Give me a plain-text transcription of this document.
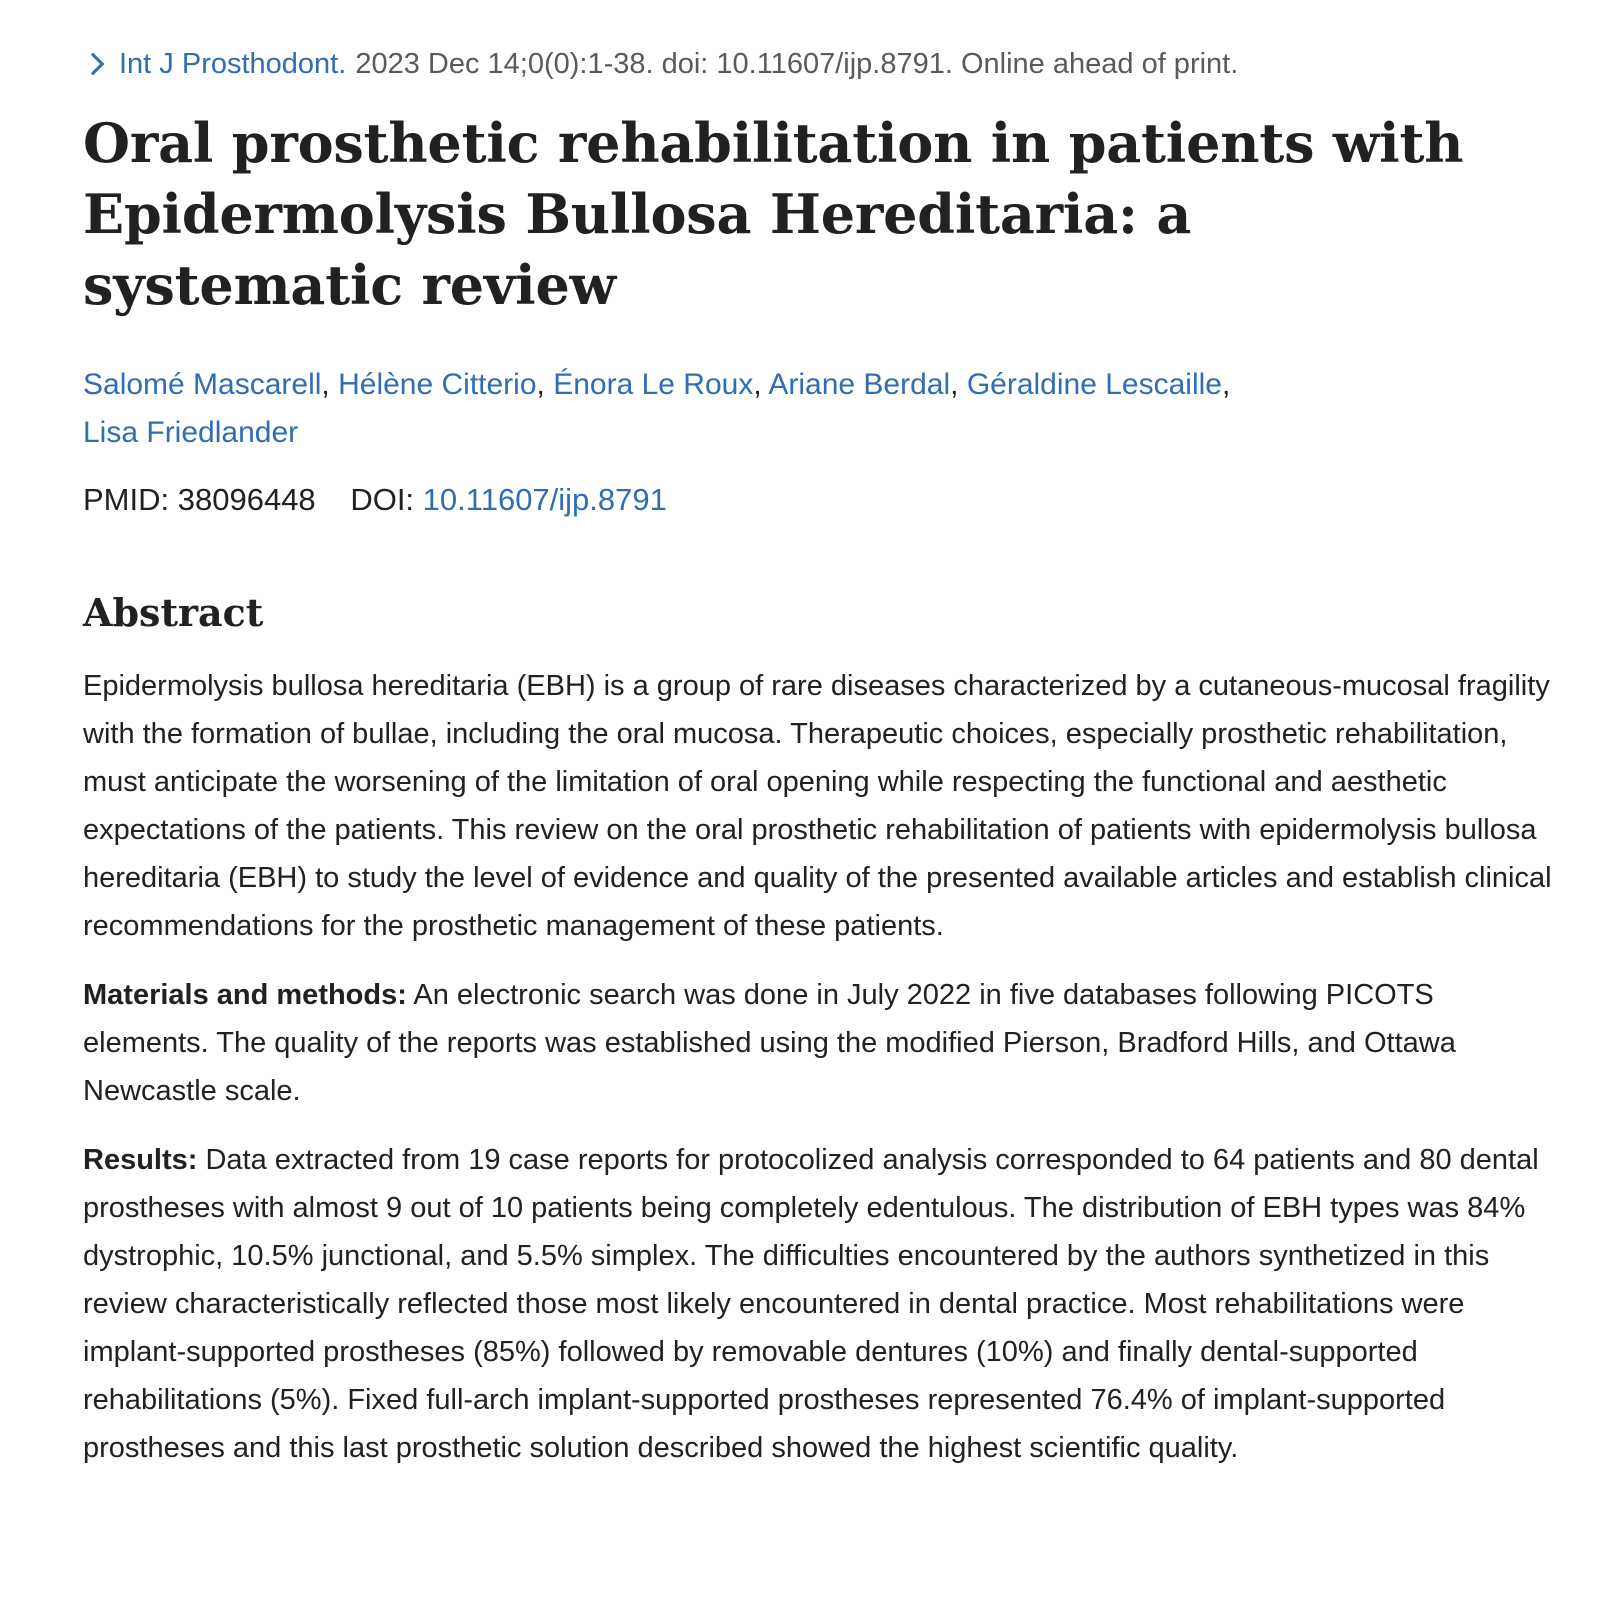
Int J Prosthodont. 2023 Dec 14;0(0):1-38. doi: 10.11607/ijp.8791. Online ahead of print.
Oral prosthetic rehabilitation in patients with Epidermolysis Bullosa Hereditaria: a systematic review
Salomé Mascarell, Hélène Citterio, Énora Le Roux, Ariane Berdal, Géraldine Lescaille,
Lisa Friedlander
PMID: 38096448 DOI: 10.11607/ijp.8791
Abstract

Epidermolysis bullosa hereditaria (EBH) is a group of rare diseases characterized by a cutaneous-mucosal fragility with the formation of bullae, including the oral mucosa. Therapeutic choices, especially prosthetic rehabilitation, must anticipate the worsening of the limitation of oral opening while respecting the functional and aesthetic expectations of the patients. This review on the oral prosthetic rehabilitation of patients with epidermolysis bullosa hereditaria (EBH) to study the level of evidence and quality of the presented available articles and establish clinical recommendations for the prosthetic management of these patients.

Materials and methods: An electronic search was done in July 2022 in five databases following PICOTS elements. The quality of the reports was established using the modified Pierson, Bradford Hills, and Ottawa Newcastle scale.

Results: Data extracted from 19 case reports for protocolized analysis corresponded to 64 patients and 80 dental prostheses with almost 9 out of 10 patients being completely edentulous. The distribution of EBH types was 84% dystrophic, 10.5% junctional, and 5.5% simplex. The difficulties encountered by the authors synthetized in this review characteristically reflected those most likely encountered in dental practice. Most rehabilitations were implant-supported prostheses (85%) followed by removable dentures (10%) and finally dental-supported rehabilitations (5%). Fixed full-arch implant-supported prostheses represented 76.4% of implant-supported prostheses and this last prosthetic solution described showed the highest scientific quality.
